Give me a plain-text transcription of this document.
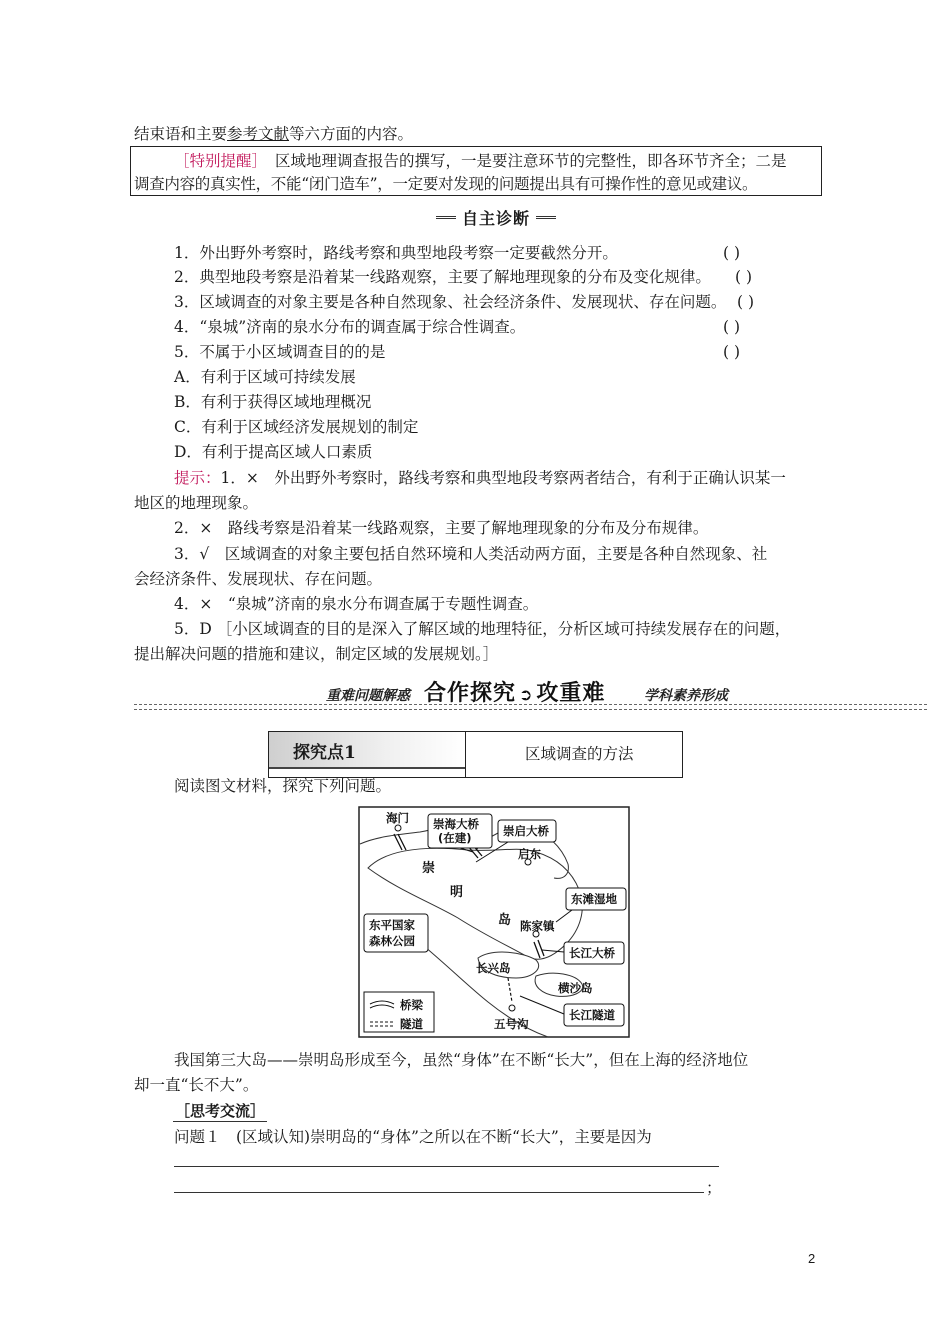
结束语和主要参考文献等六方面的内容。
［特别提醒］ 区域地理调查报告的撰写，一是要注意环节的完整性，即各环节齐全；二是
调查内容的真实性，不能“闭门造车”，一定要对发现的问题提出具有可操作性的意见或建议。
自主诊断
1．外出野外考察时，路线考察和典型地段考察一定要截然分开。	( )
2．典型地段考察是沿着某一线路观察，主要了解地理现象的分布及变化规律。 ( )
3．区域调查的对象主要是各种自然现象、社会经济条件、发展现状、存在问题。 ( )
4．“泉城”济南的泉水分布的调查属于综合性调查。	( )
5．不属于小区域调查目的的是	( )
A．有利于区域可持续发展
B．有利于获得区域地理概况
C．有利于区域经济发展规划的制定
D．有利于提高区域人口素质
提示：1．×　外出野外考察时，路线考察和典型地段考察两者结合，有利于正确认识某一
地区的地理现象。
2．×　路线考察是沿着某一线路观察，主要了解地理现象的分布及分布规律。
3．√　区域调查的对象主要包括自然环境和人类活动两方面，主要是各种自然现象、社
会经济条件、发展现状、存在问题。
4．×　“泉城”济南的泉水分布调查属于专题性调查。
5．D ［小区域调查的目的是深入了解区域的地理特征，分析区域可持续发展存在的问题，
提出解决问题的措施和建议，制定区域的发展规划。］
重难问题解惑 合作探究 ➲ 攻重难	学科素养形成
探究点1	区域调查的方法
阅读图文材料，探究下列问题。
海门 崇海大桥
(在建)	崇启大桥
启东
崇
明
岛
东滩湿地
陈家镇
东平国家
森林公园
长江大桥
长兴岛
横沙岛
长江隧道
五号沟
桥梁
隧道
我国第三大岛——崇明岛形成至今，虽然“身体”在不断“长大”，但在上海的经济地位
却一直“长不大”。
［思考交流］
问题１　(区域认知)崇明岛的“身体”之所以在不断“长大”，主要是因为
；
2
